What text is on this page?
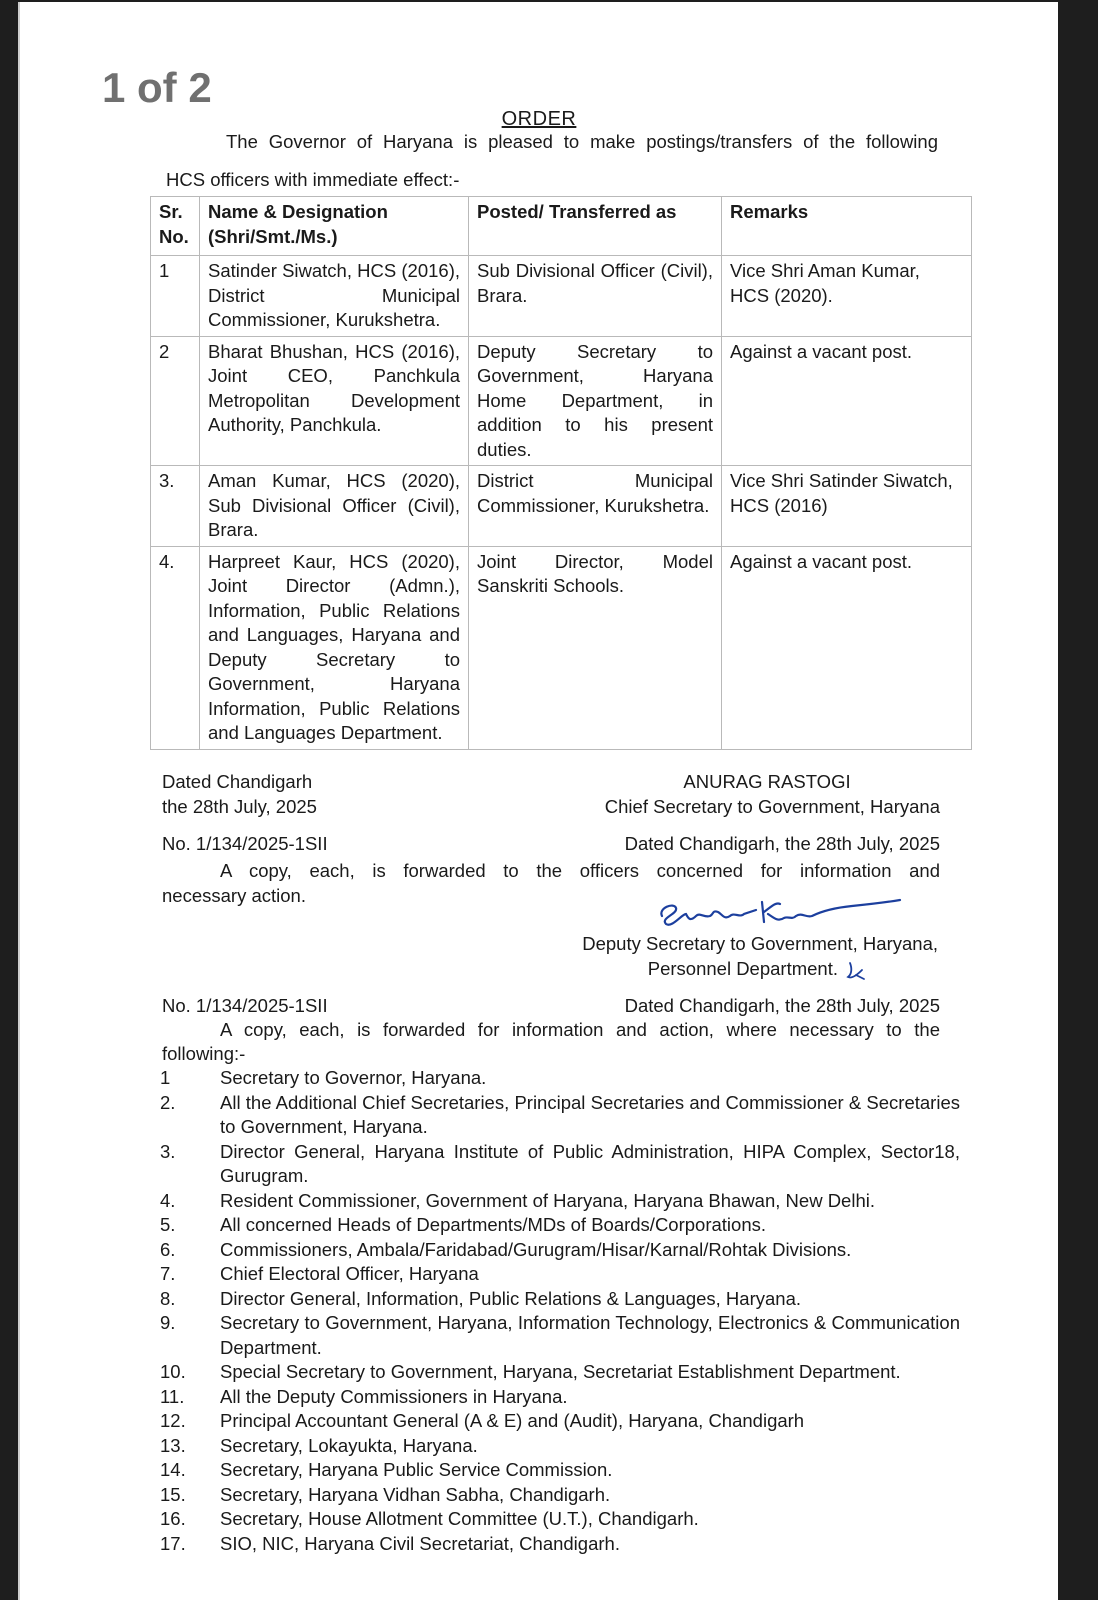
1 of 2
ORDER
The Governor of Haryana is pleased to make postings/transfers of the following
HCS officers with immediate effect:-
Sr. No.	Name & Designation (Shri/Smt./Ms.)	Posted/ Transferred as	Remarks
1	Satinder Siwatch, HCS (2016), District Municipal Commissioner, Kurukshetra.	Sub Divisional Officer (Civil), Brara.	Vice Shri Aman Kumar, HCS (2020).
2	Bharat Bhushan, HCS (2016), Joint CEO, Panchkula Metropolitan Development Authority, Panchkula.	Deputy Secretary to Government, Haryana Home Department, in addition to his present duties.	Against a vacant post.
3.	Aman Kumar, HCS (2020), Sub Divisional Officer (Civil), Brara.	District Municipal Commissioner, Kurukshetra.	Vice Shri Satinder Siwatch, HCS (2016)
4.	Harpreet Kaur, HCS (2020), Joint Director (Admn.), Information, Public Relations and Languages, Haryana and Deputy Secretary to Government, Haryana Information, Public Relations and Languages Department.	Joint Director, Model Sanskriti Schools.	Against a vacant post.
Dated Chandigarh
the 28th July, 2025
ANURAG RASTOGI
Chief Secretary to Government, Haryana
No. 1/134/2025-1SII	Dated Chandigarh, the 28th July, 2025
A copy, each, is forwarded to the officers concerned for information and
necessary action.
Deputy Secretary to Government, Haryana,
Personnel Department.
No. 1/134/2025-1SII	Dated Chandigarh, the 28th July, 2025
A copy, each, is forwarded for information and action, where necessary to the
following:-
1	Secretary to Governor, Haryana.
2.	All the Additional Chief Secretaries, Principal Secretaries and Commissioner & Secretaries to Government, Haryana.
3.	Director General, Haryana Institute of Public Administration, HIPA Complex, Sector18, Gurugram.
4.	Resident Commissioner, Government of Haryana, Haryana Bhawan, New Delhi.
5.	All concerned Heads of Departments/MDs of Boards/Corporations.
6.	Commissioners, Ambala/Faridabad/Gurugram/Hisar/Karnal/Rohtak Divisions.
7.	Chief Electoral Officer, Haryana
8.	Director General, Information, Public Relations & Languages, Haryana.
9.	Secretary to Government, Haryana, Information Technology, Electronics & Communication Department.
10.	Special Secretary to Government, Haryana, Secretariat Establishment Department.
11.	All the Deputy Commissioners in Haryana.
12.	Principal Accountant General (A & E) and (Audit), Haryana, Chandigarh
13.	Secretary, Lokayukta, Haryana.
14.	Secretary, Haryana Public Service Commission.
15.	Secretary, Haryana Vidhan Sabha, Chandigarh.
16.	Secretary, House Allotment Committee (U.T.), Chandigarh.
17.	SIO, NIC, Haryana Civil Secretariat, Chandigarh.
